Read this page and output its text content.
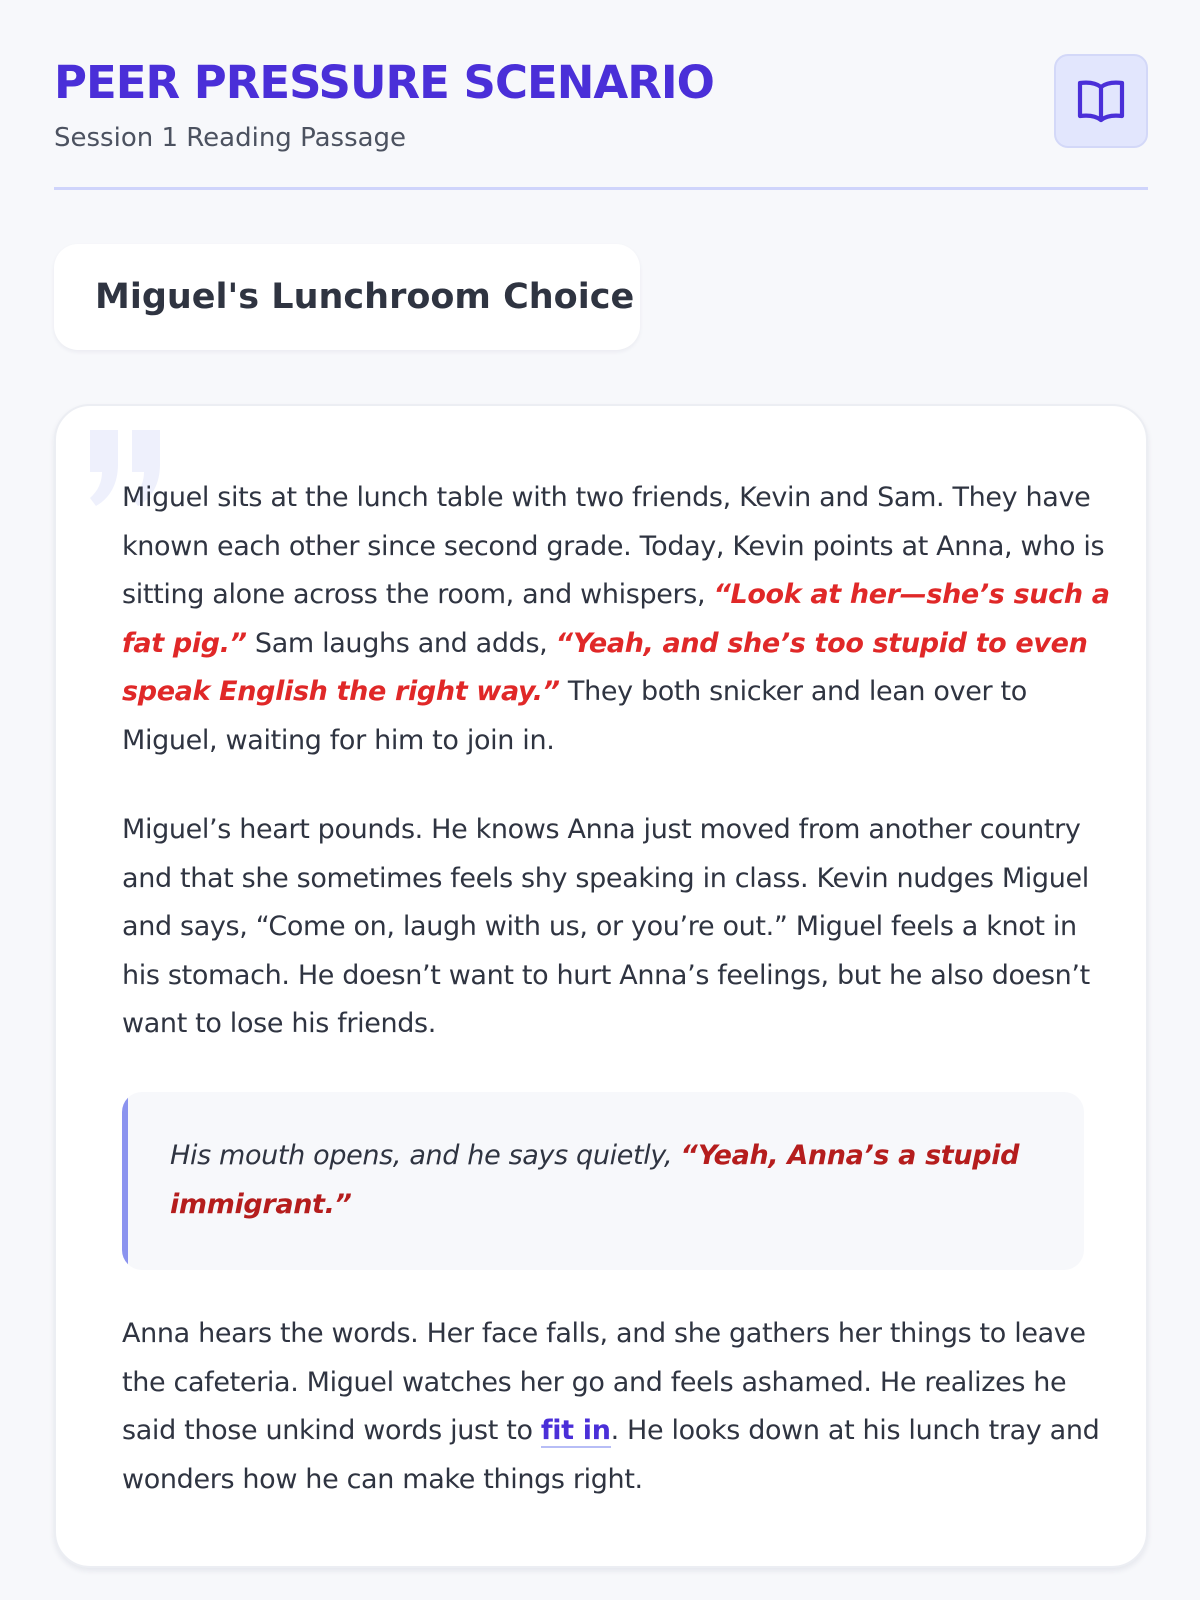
PEER PRESSURE SCENARIO
Session 1 Reading Passage
Miguel's Lunchroom Choice

Miguel sits at the lunch table with two friends, Kevin and Sam. They have known each other since second grade. Today, Kevin points at Anna, who is sitting alone across the room, and whispers, “Look at her—she’s such a fat pig.” Sam laughs and adds, “Yeah, and she’s too stupid to even speak English the right way.” They both snicker and lean over to Miguel, waiting for him to join in.

Miguel’s heart pounds. He knows Anna just moved from another country and that she sometimes feels shy speaking in class. Kevin nudges Miguel and says, “Come on, laugh with us, or you’re out.” Miguel feels a knot in his stomach. He doesn’t want to hurt Anna’s feelings, but he also doesn’t want to lose his friends.

His mouth opens, and he says quietly, “Yeah, Anna’s a stupid immigrant.”

Anna hears the words. Her face falls, and she gathers her things to leave the cafeteria. Miguel watches her go and feels ashamed. He realizes he said those unkind words just to fit in. He looks down at his lunch tray and wonders how he can make things right.
